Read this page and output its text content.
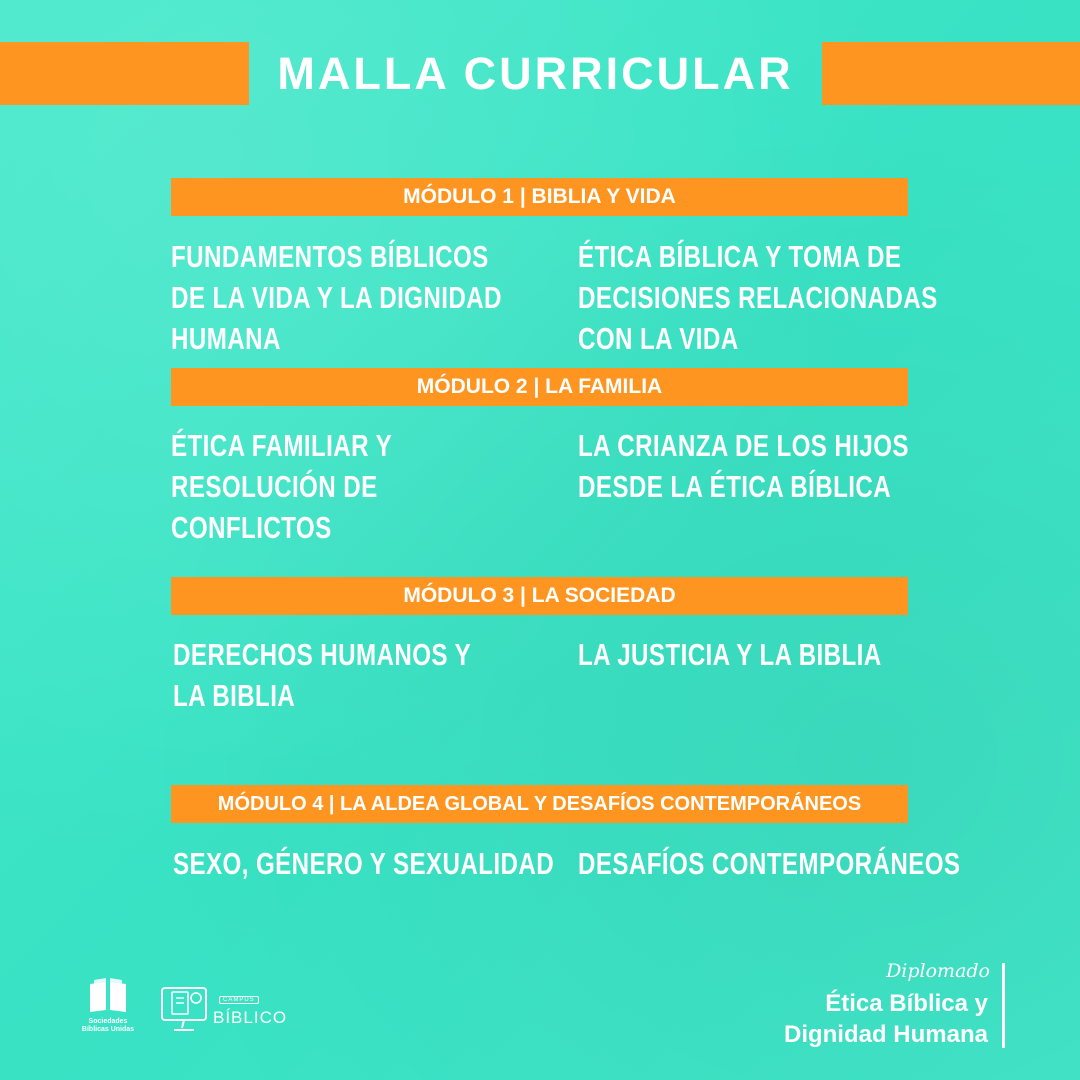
MALLA CURRICULAR
MÓDULO 1 | BIBLIA Y VIDA
FUNDAMENTOS BÍBLICOS
DE LA VIDA Y LA DIGNIDAD
HUMANA
ÉTICA BÍBLICA Y TOMA DE
DECISIONES RELACIONADAS
CON LA VIDA
MÓDULO 2 | LA FAMILIA
ÉTICA FAMILIAR Y
RESOLUCIÓN DE
CONFLICTOS
LA CRIANZA DE LOS HIJOS
DESDE LA ÉTICA BÍBLICA
MÓDULO 3 | LA SOCIEDAD
DERECHOS HUMANOS Y
LA BIBLIA
LA JUSTICIA Y LA BIBLIA
MÓDULO 4 | LA ALDEA GLOBAL Y DESAFÍOS CONTEMPORÁNEOS
SEXO, GÉNERO Y SEXUALIDAD DESAFÍOS CONTEMPORÁNEOS
Sociedades Bíblicas Unidas
CAMPUS
BÍBLICO
Diplomado
Ética Bíblica y
Dignidad Humana
